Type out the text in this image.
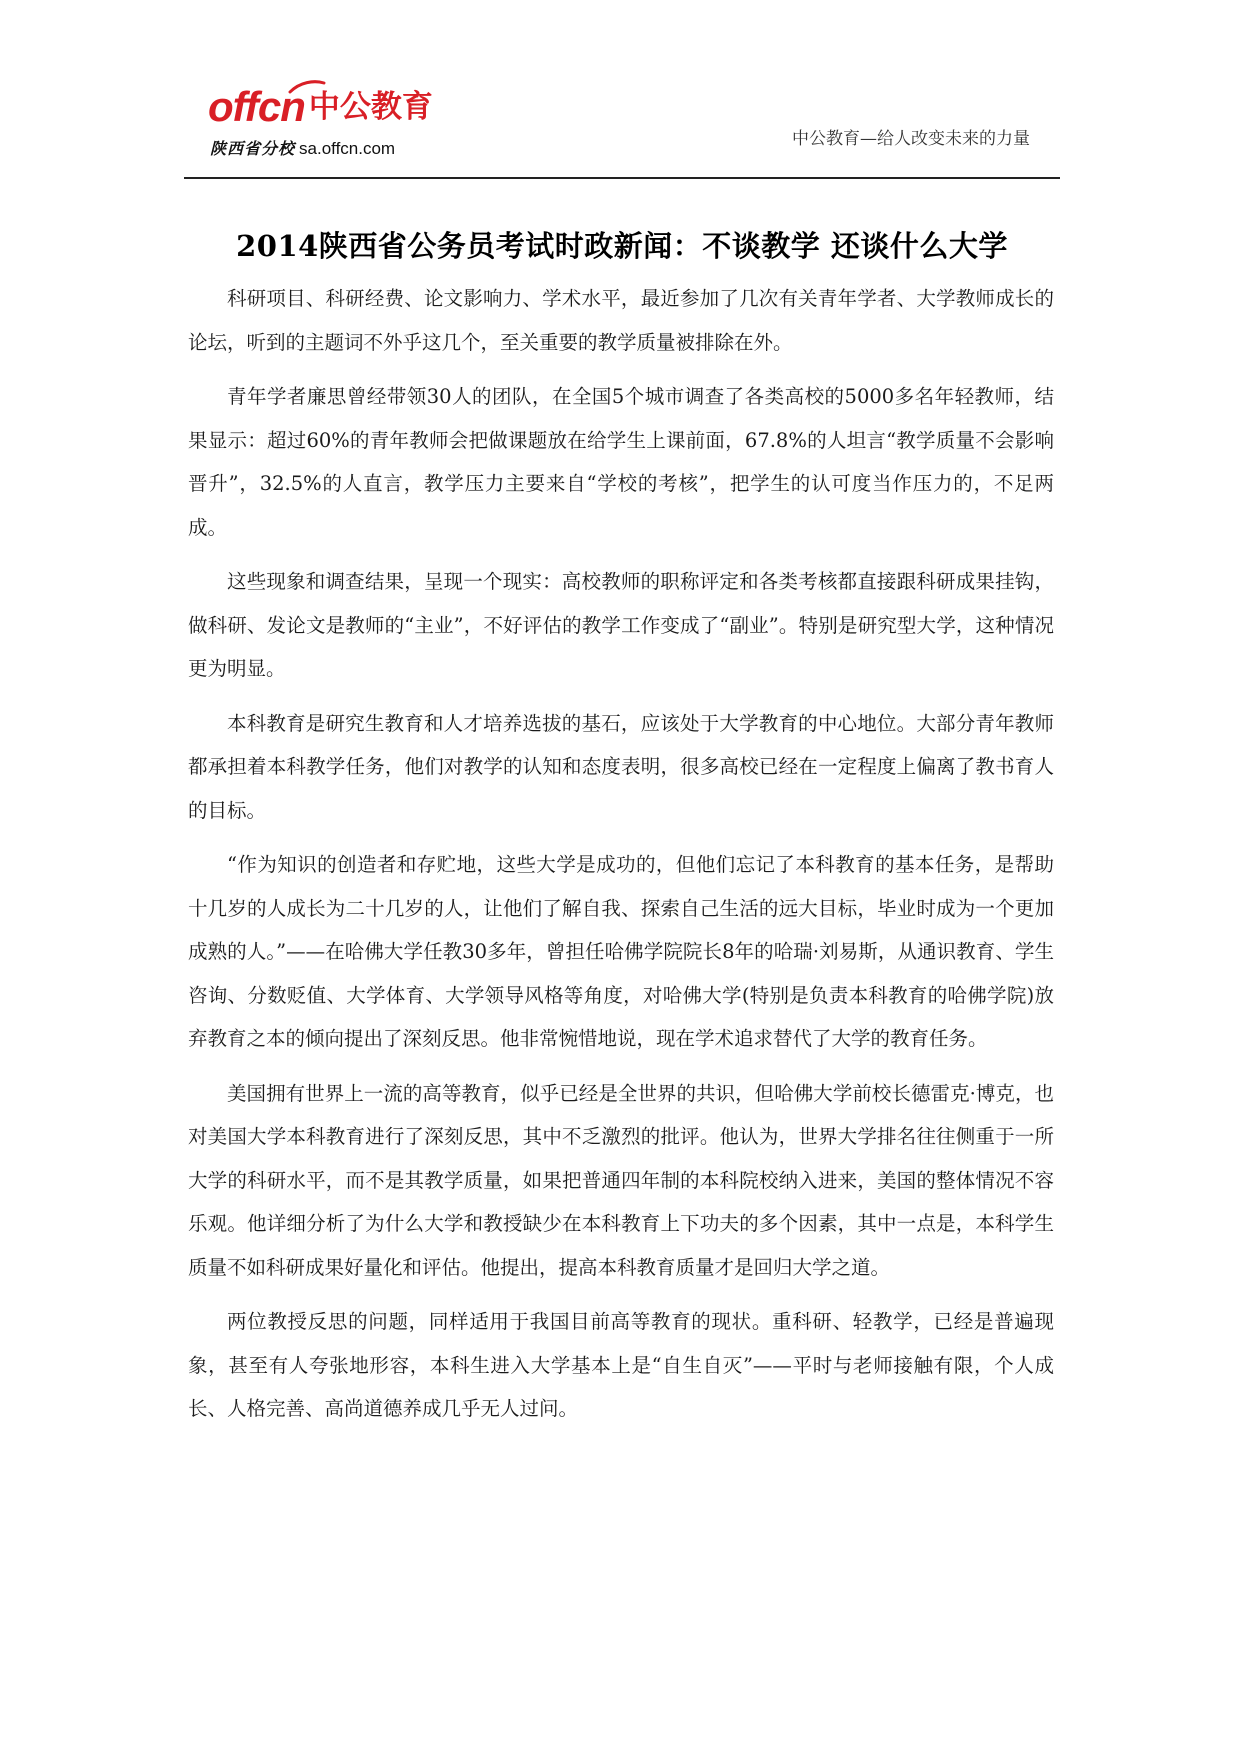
offcn 中公教育
陕西省分校 sa.offcn.com	中公教育—给人改变未来的力量
2014陕西省公务员考试时政新闻：不谈教学 还谈什么大学

科研项目、科研经费、论文影响力、学术水平，最近参加了几次有关青年学者、大学教师成长的论坛，听到的主题词不外乎这几个，至关重要的教学质量被排除在外。

青年学者廉思曾经带领30人的团队，在全国5个城市调查了各类高校的5000多名年轻教师，结果显示：超过60%的青年教师会把做课题放在给学生上课前面，67.8%的人坦言“教学质量不会影响晋升”，32.5%的人直言，教学压力主要来自“学校的考核”，把学生的认可度当作压力的，不足两成。

这些现象和调查结果，呈现一个现实：高校教师的职称评定和各类考核都直接跟科研成果挂钩，做科研、发论文是教师的“主业”，不好评估的教学工作变成了“副业”。特别是研究型大学，这种情况更为明显。

本科教育是研究生教育和人才培养选拔的基石，应该处于大学教育的中心地位。大部分青年教师都承担着本科教学任务，他们对教学的认知和态度表明，很多高校已经在一定程度上偏离了教书育人的目标。

“作为知识的创造者和存贮地，这些大学是成功的，但他们忘记了本科教育的基本任务，是帮助十几岁的人成长为二十几岁的人，让他们了解自我、探索自己生活的远大目标，毕业时成为一个更加成熟的人。”——在哈佛大学任教30多年，曾担任哈佛学院院长8年的哈瑞·刘易斯，从通识教育、学生咨询、分数贬值、大学体育、大学领导风格等角度，对哈佛大学(特别是负责本科教育的哈佛学院)放弃教育之本的倾向提出了深刻反思。他非常惋惜地说，现在学术追求替代了大学的教育任务。

美国拥有世界上一流的高等教育，似乎已经是全世界的共识，但哈佛大学前校长德雷克·博克，也对美国大学本科教育进行了深刻反思，其中不乏激烈的批评。他认为，世界大学排名往往侧重于一所大学的科研水平，而不是其教学质量，如果把普通四年制的本科院校纳入进来，美国的整体情况不容乐观。他详细分析了为什么大学和教授缺少在本科教育上下功夫的多个因素，其中一点是，本科学生质量不如科研成果好量化和评估。他提出，提高本科教育质量才是回归大学之道。

两位教授反思的问题，同样适用于我国目前高等教育的现状。重科研、轻教学，已经是普遍现象，甚至有人夸张地形容，本科生进入大学基本上是“自生自灭”——平时与老师接触有限，个人成长、人格完善、高尚道德养成几乎无人过问。
